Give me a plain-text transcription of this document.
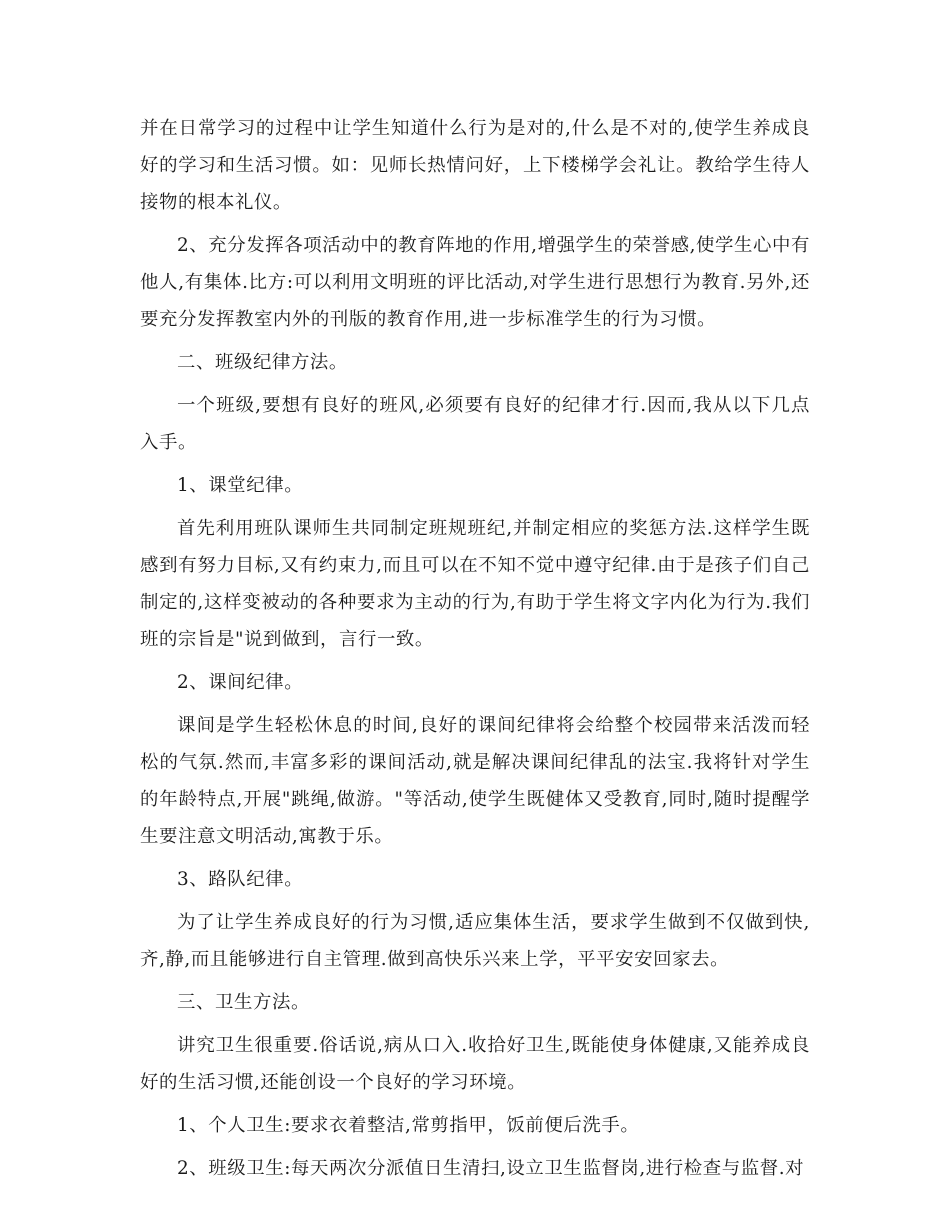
并在日常学习的过程中让学生知道什么行为是对的,什么是不对的,使学生养成良好的学习和生活习惯。如：见师长热情问好，上下楼梯学会礼让。教给学生待人接物的根本礼仪。

2、充分发挥各项活动中的教育阵地的作用,增强学生的荣誉感,使学生心中有他人,有集体.比方:可以利用文明班的评比活动,对学生进行思想行为教育.另外,还要充分发挥教室内外的刊版的教育作用,进一步标准学生的行为习惯。

二、班级纪律方法。

一个班级,要想有良好的班风,必须要有良好的纪律才行.因而,我从以下几点入手。

1、课堂纪律。

首先利用班队课师生共同制定班规班纪,并制定相应的奖惩方法.这样学生既感到有努力目标,又有约束力,而且可以在不知不觉中遵守纪律.由于是孩子们自己制定的,这样变被动的各种要求为主动的行为,有助于学生将文字内化为行为.我们班的宗旨是"说到做到，言行一致。

2、课间纪律。

课间是学生轻松休息的时间,良好的课间纪律将会给整个校园带来活泼而轻松的气氛.然而,丰富多彩的课间活动,就是解决课间纪律乱的法宝.我将针对学生的年龄特点,开展"跳绳,做游。"等活动,使学生既健体又受教育,同时,随时提醒学生要注意文明活动,寓教于乐。

3、路队纪律。

为了让学生养成良好的行为习惯,适应集体生活，要求学生做到不仅做到快,齐,静,而且能够进行自主管理.做到高快乐兴来上学，平平安安回家去。

三、卫生方法。

讲究卫生很重要.俗话说,病从口入.收拾好卫生,既能使身体健康,又能养成良好的生活习惯,还能创设一个良好的学习环境。

1、个人卫生:要求衣着整洁,常剪指甲，饭前便后洗手。

2、班级卫生:每天两次分派值日生清扫,设立卫生监督岗,进行检查与监督.对
